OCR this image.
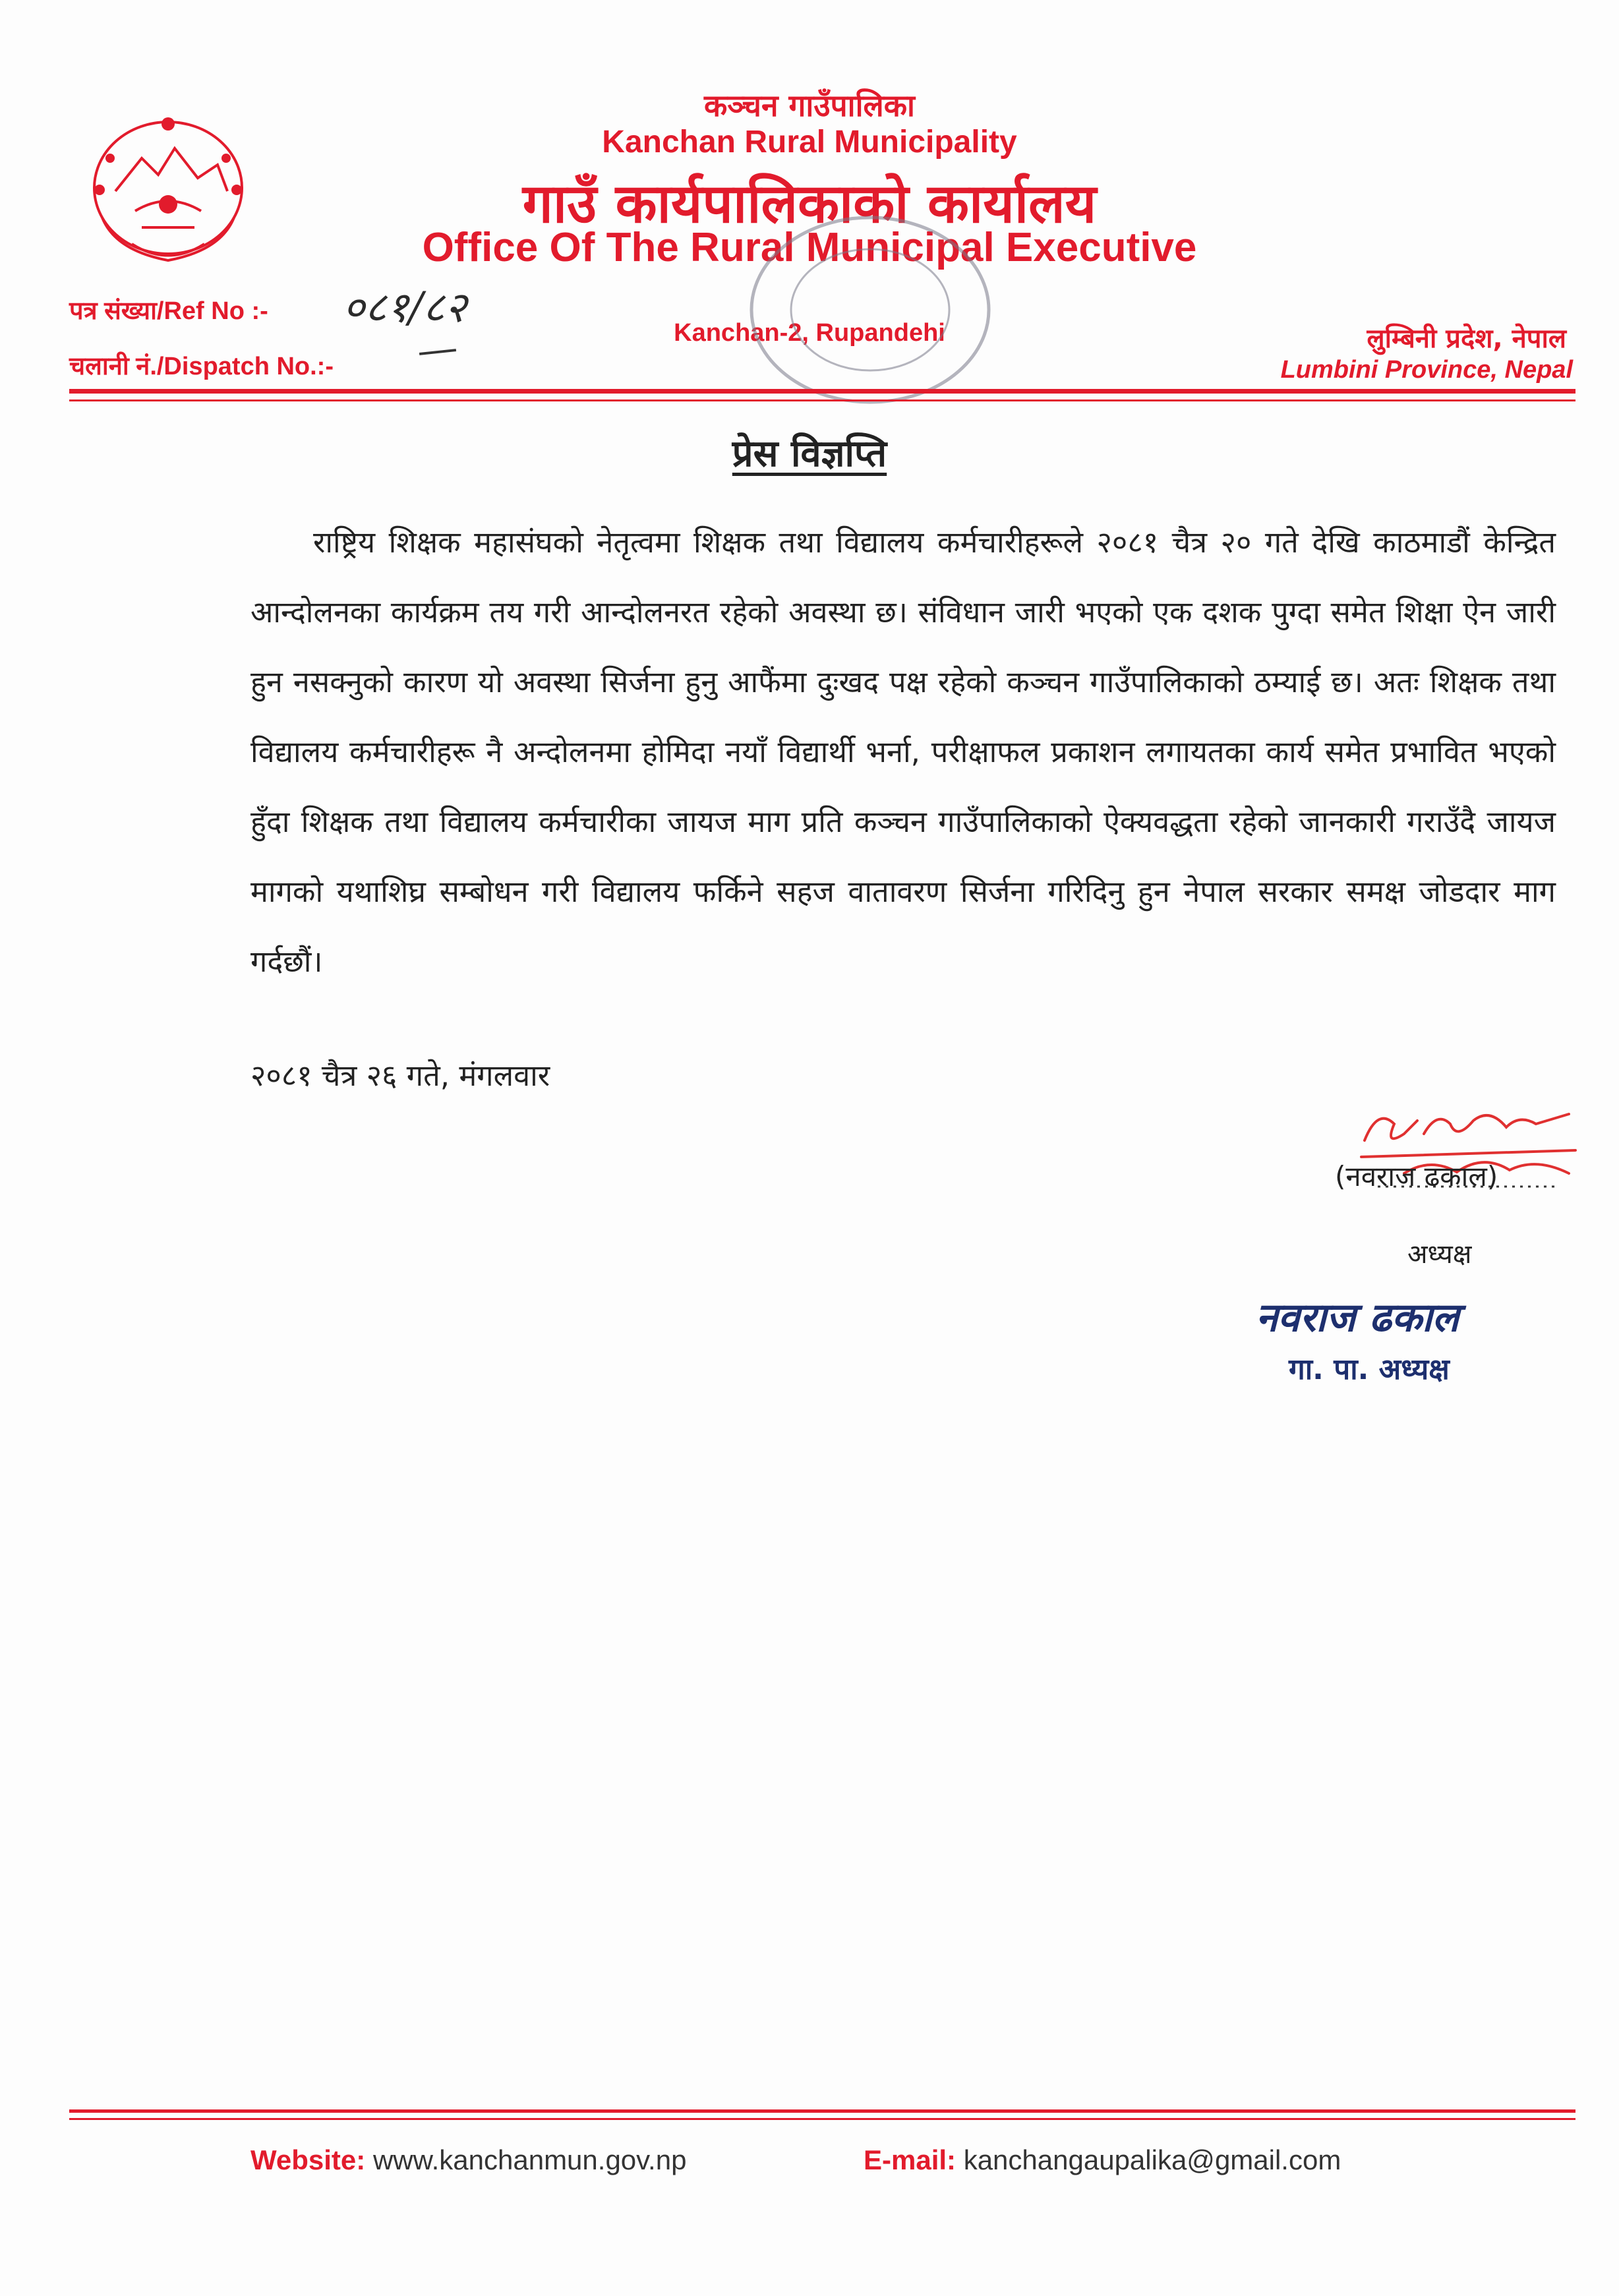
कञ्चन गाउँपालिका
Kanchan Rural Municipality
गाउँ कार्यपालिकाको कार्यालय
Office Of The Rural Municipal Executive
Kanchan-2, Rupandehi
पत्र संख्या/Ref No :- ०८१/८२
चलानी नं./Dispatch No.:-
लुम्बिनी प्रदेश, नेपाल
Lumbini Province, Nepal
प्रेस विज्ञप्ति
राष्ट्रिय शिक्षक महासंघको नेतृत्वमा शिक्षक तथा विद्यालय कर्मचारीहरूले २०८१ चैत्र २० गते देखि काठमाडौं केन्द्रित आन्दोलनका कार्यक्रम तय गरी आन्दोलनरत रहेको अवस्था छ। संविधान जारी भएको एक दशक पुग्दा समेत शिक्षा ऐन जारी हुन नसक्नुको कारण यो अवस्था सिर्जना हुनु आफैंमा दुःखद पक्ष रहेको कञ्चन गाउँपालिकाको ठम्याई छ। अतः शिक्षक तथा विद्यालय कर्मचारीहरू नै अन्दोलनमा होमिदा नयाँ विद्यार्थी भर्ना, परीक्षाफल प्रकाशन लगायतका कार्य समेत प्रभावित भएको हुँदा शिक्षक तथा विद्यालय कर्मचारीका जायज माग प्रति कञ्चन गाउँपालिकाको ऐक्यवद्धता रहेको जानकारी गराउँदै जायज मागको यथाशिघ्र सम्बोधन गरी विद्यालय फर्किने सहज वातावरण सिर्जना गरिदिनु हुन नेपाल सरकार समक्ष जोडदार माग गर्दछौं।
२०८१ चैत्र २६ गते, मंगलवार
(नवराज ढकाल)
अध्यक्ष
नवराज ढकाल
गा. पा. अध्यक्ष
Website: www.kanchanmun.gov.np	E-mail: kanchangaupalika@gmail.com
